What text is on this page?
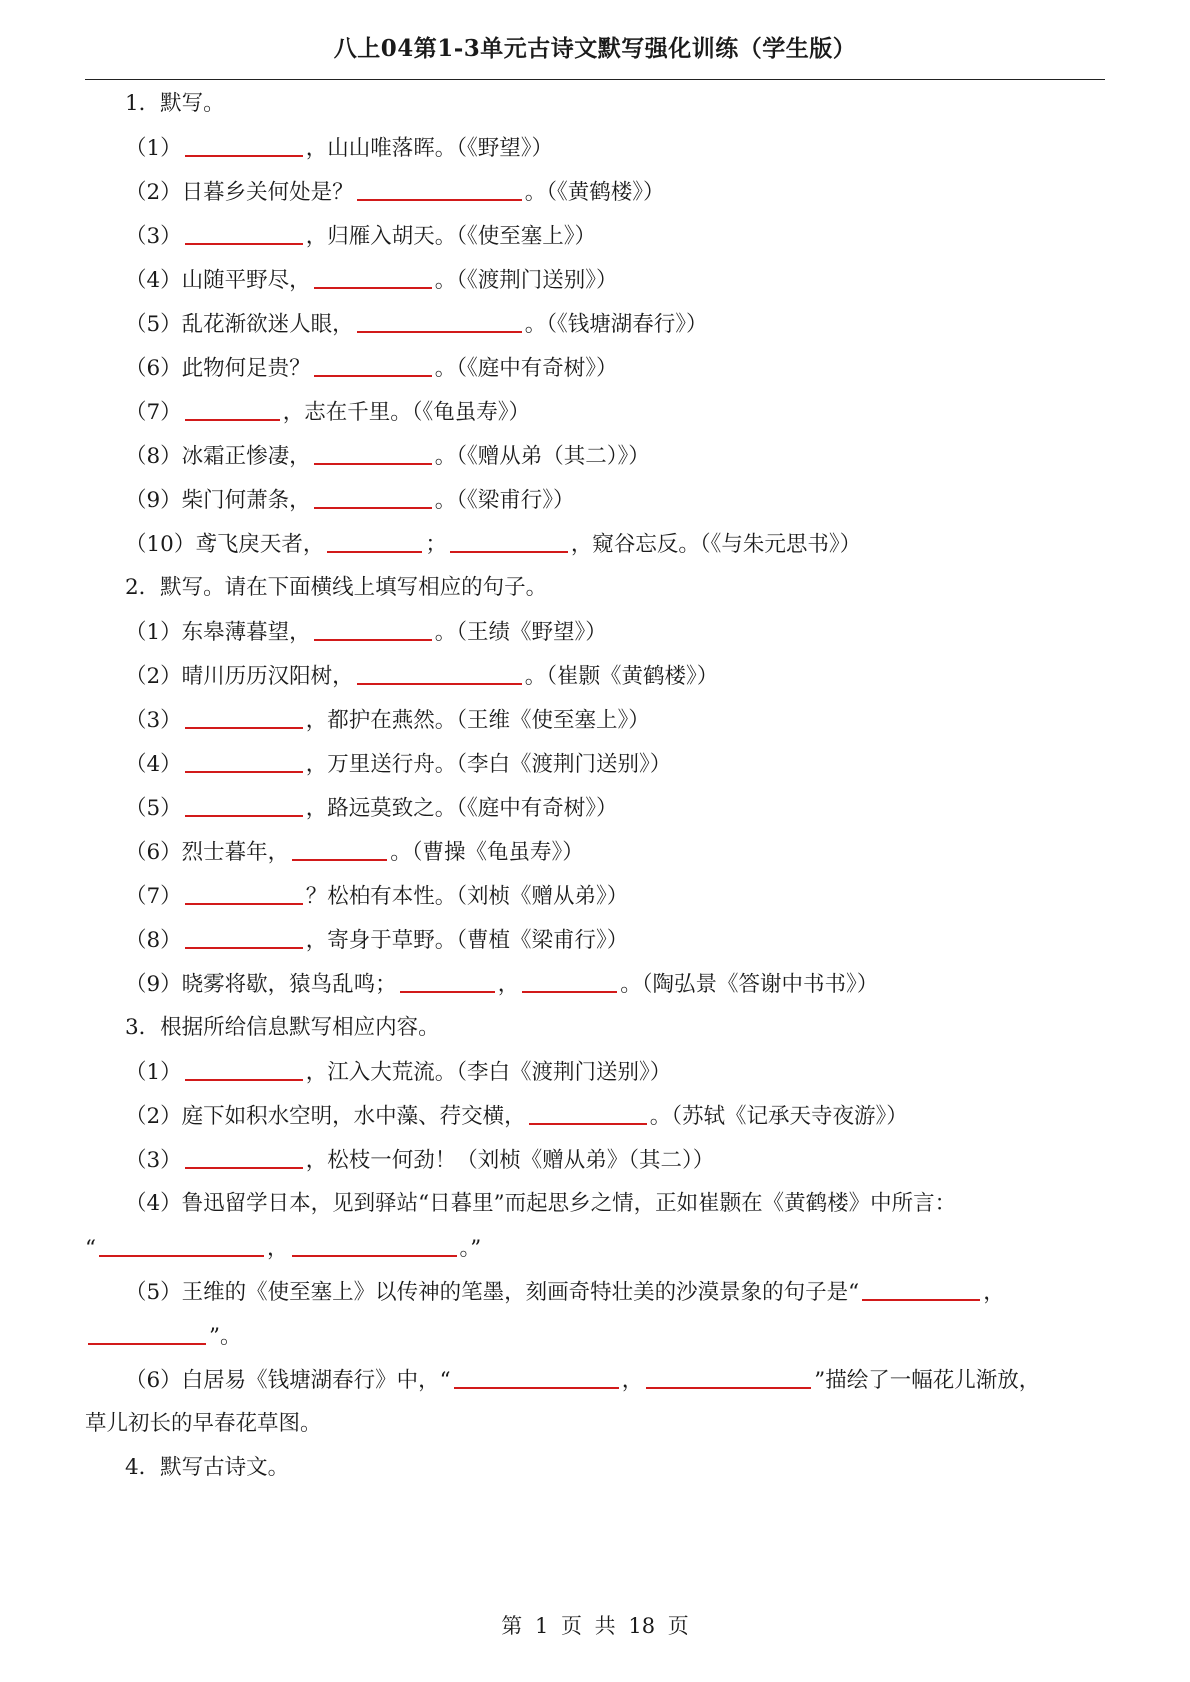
八上04第1-3单元古诗文默写强化训练（学生版）
1．默写。
（1）	，山山唯落晖。（《野望》）
（2）日暮乡关何处是？	。（《黄鹤楼》）
（3）	，归雁入胡天。（《使至塞上》）
（4）山随平野尽，	。（《渡荆门送别》）
（5）乱花渐欲迷人眼，	。（《钱塘湖春行》）
（6）此物何足贵？	。（《庭中有奇树》）
（7）	，志在千里。（《龟虽寿》）
（8）冰霜正惨凄，	。（《赠从弟（其二）》）
（9）柴门何萧条，	。（《梁甫行》）
（10）鸢飞戾天者，	；	，窥谷忘反。（《与朱元思书》）
2．默写。请在下面横线上填写相应的句子。
（1）东皋薄暮望，	。（王绩《野望》）
（2）晴川历历汉阳树，	。（崔颢《黄鹤楼》）
（3）	，都护在燕然。（王维《使至塞上》）
（4）	，万里送行舟。（李白《渡荆门送别》）
（5）	，路远莫致之。（《庭中有奇树》）
（6）烈士暮年，	。（曹操《龟虽寿》）
（7）	？松柏有本性。（刘桢《赠从弟》）
（8）	，寄身于草野。（曹植《梁甫行》）
（9）晓雾将歇，猿鸟乱鸣；	，	。（陶弘景《答谢中书书》）
3．根据所给信息默写相应内容。
（1）	，江入大荒流。（李白《渡荆门送别》）
（2）庭下如积水空明，水中藻、荇交横，	。（苏轼《记承天寺夜游》）
（3）	，松枝一何劲！（刘桢《赠从弟》（其二））
（4）鲁迅留学日本，见到驿站“日暮里”而起思乡之情，正如崔颢在《黄鹤楼》中所言：
“	，	。”
（5）王维的《使至塞上》以传神的笔墨，刻画奇特壮美的沙漠景象的句子是“	，
”。
（6）白居易《钱塘湖春行》中，“	，	”描绘了一幅花儿渐放，
草儿初长的早春花草图。
4．默写古诗文。
第 1 页 共 18 页
